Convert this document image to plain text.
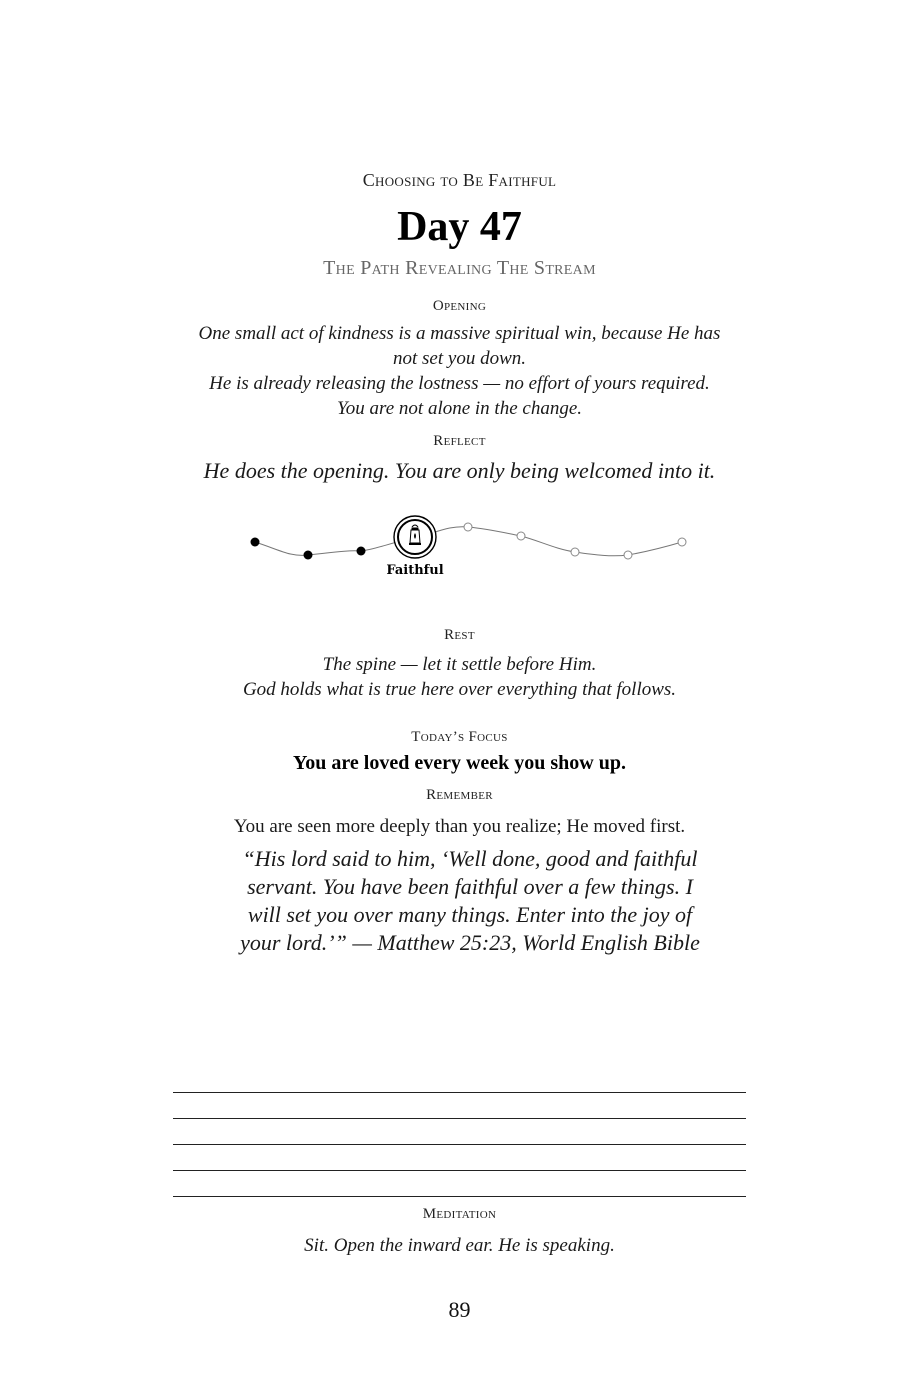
Choosing to Be Faithful
Day 47
The Path Revealing The Stream
Opening
One small act of kindness is a massive spiritual win, because He has
not set you down.
He is already releasing the lostness — no effort of yours required.
You are not alone in the change.
Reflect
He does the opening. You are only being welcomed into it.
Faithful
Rest
The spine — let it settle before Him.
God holds what is true here over everything that follows.
Today’s Focus
You are loved every week you show up.
Remember
You are seen more deeply than you realize; He moved first.
“His lord said to him, ‘Well done, good and faithful
servant. You have been faithful over a few things. I
will set you over many things. Enter into the joy of
your lord.’” — Matthew 25:23, World English Bible
Meditation
Sit. Open the inward ear. He is speaking.
89
